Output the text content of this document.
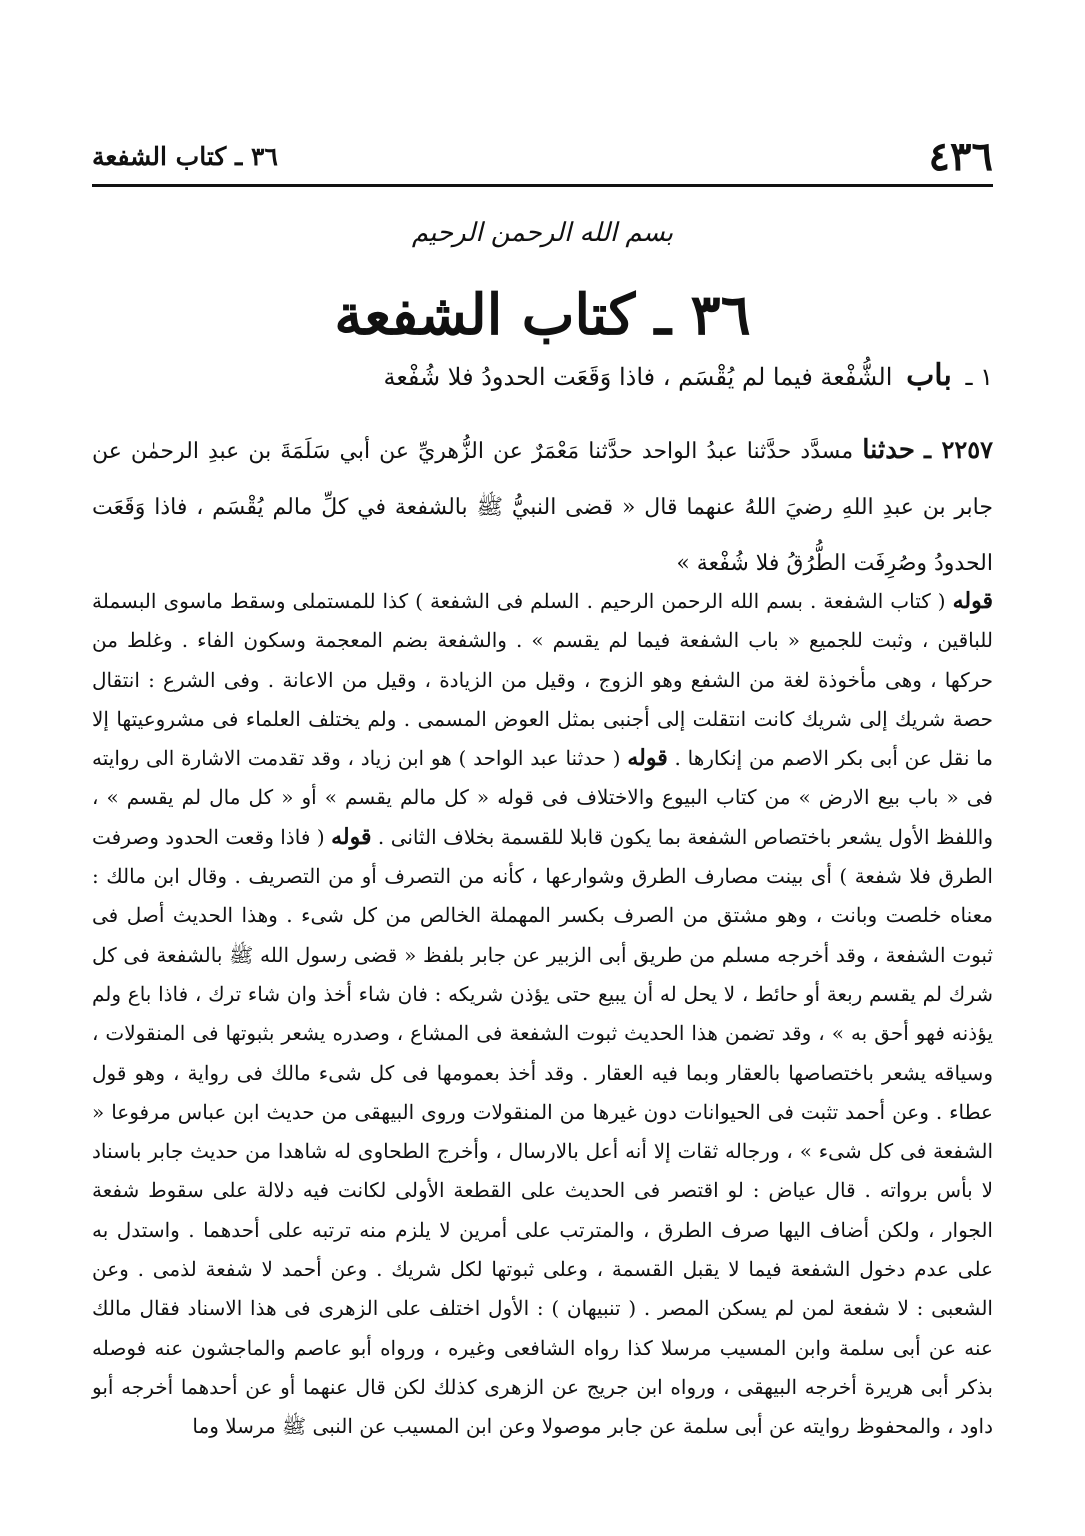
٤٣٦
٣٦ ـ كتاب الشفعة
بسم الله الرحمن الرحيم
٣٦ ـ كتاب الشفعة
١ ـ باب الشُّفْعة فيما لم يُقْسَم ، فاذا وَقَعَت الحدودُ فلا شُفْعة
٢٢٥٧ ـ حدثنا مسدَّد حدَّثنا عبدُ الواحد حدَّثنا مَعْمَرٌ عن الزُّهريِّ عن أبي سَلَمَةَ بن عبدِ الرحمٰن عن جابر بن عبدِ اللهِ رضيَ اللهُ عنهما قال « قضى النبيُّ ﷺ بالشفعة في كلِّ مالم يُقْسَم ، فاذا وَقَعَت الحدودُ وصُرِفَت الطُّرُقُ فلا شُفْعة »
قوله ( كتاب الشفعة . بسم الله الرحمن الرحيم . السلم فى الشفعة ) كذا للمستملى وسقط ماسوى البسملة للباقين ، وثبت للجميع « باب الشفعة فيما لم يقسم » . والشفعة بضم المعجمة وسكون الفاء . وغلط من حركها ، وهى مأخوذة لغة من الشفع وهو الزوج ، وقيل من الزيادة ، وقيل من الاعانة . وفى الشرع : انتقال حصة شريك إلى شريك كانت انتقلت إلى أجنبى بمثل العوض المسمى . ولم يختلف العلماء فى مشروعيتها إلا ما نقل عن أبى بكر الاصم من إنكارها . قوله ( حدثنا عبد الواحد ) هو ابن زياد ، وقد تقدمت الاشارة الى روايته فى « باب بيع الارض » من كتاب البيوع والاختلاف فى قوله « كل مالم يقسم » أو « كل مال لم يقسم » ، واللفظ الأول يشعر باختصاص الشفعة بما يكون قابلا للقسمة بخلاف الثانى . قوله ( فاذا وقعت الحدود وصرفت الطرق فلا شفعة ) أى بينت مصارف الطرق وشوارعها ، كأنه من التصرف أو من التصريف . وقال ابن مالك : معناه خلصت وبانت ، وهو مشتق من الصرف بكسر المهملة الخالص من كل شىء . وهذا الحديث أصل فى ثبوت الشفعة ، وقد أخرجه مسلم من طريق أبى الزبير عن جابر بلفظ « قضى رسول الله ﷺ بالشفعة فى كل شرك لم يقسم ربعة أو حائط ، لا يحل له أن يبيع حتى يؤذن شريكه : فان شاء أخذ وان شاء ترك ، فاذا باع ولم يؤذنه فهو أحق به » ، وقد تضمن هذا الحديث ثبوت الشفعة فى المشاع ، وصدره يشعر بثبوتها فى المنقولات ، وسياقه يشعر باختصاصها بالعقار وبما فيه العقار . وقد أخذ بعمومها فى كل شىء مالك فى رواية ، وهو قول عطاء . وعن أحمد تثبت فى الحيوانات دون غيرها من المنقولات وروى البيهقى من حديث ابن عباس مرفوعا « الشفعة فى كل شىء » ، ورجاله ثقات إلا أنه أعل بالارسال ، وأخرج الطحاوى له شاهدا من حديث جابر باسناد لا بأس برواته . قال عياض : لو اقتصر فى الحديث على القطعة الأولى لكانت فيه دلالة على سقوط شفعة الجوار ، ولكن أضاف اليها صرف الطرق ، والمترتب على أمرين لا يلزم منه ترتبه على أحدهما . واستدل به على عدم دخول الشفعة فيما لا يقبل القسمة ، وعلى ثبوتها لكل شريك . وعن أحمد لا شفعة لذمى . وعن الشعبى : لا شفعة لمن لم يسكن المصر . ( تنبيهان ) : الأول اختلف على الزهرى فى هذا الاسناد فقال مالك عنه عن أبى سلمة وابن المسيب مرسلا كذا رواه الشافعى وغيره ، ورواه أبو عاصم والماجشون عنه فوصله بذكر أبى هريرة أخرجه البيهقى ، ورواه ابن جريج عن الزهرى كذلك لكن قال عنهما أو عن أحدهما أخرجه أبو داود ، والمحفوظ روايته عن أبى سلمة عن جابر موصولا وعن ابن المسيب عن النبى ﷺ مرسلا وما
